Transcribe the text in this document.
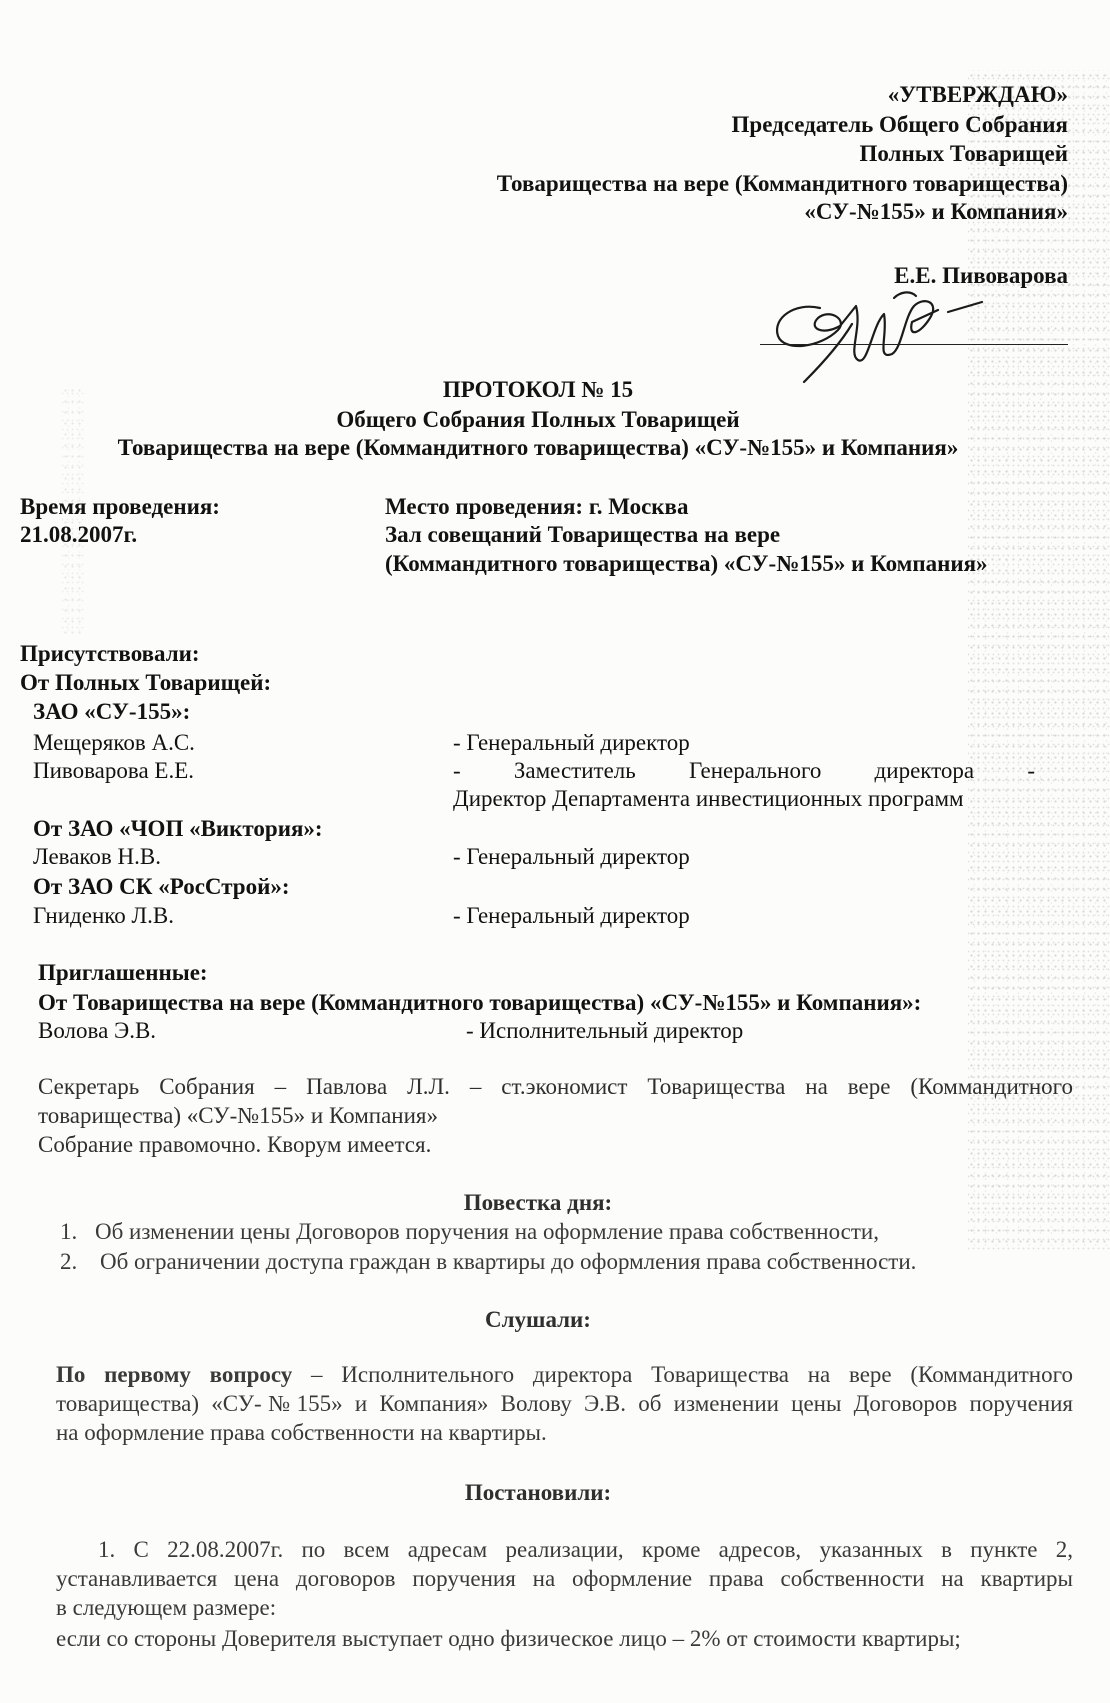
«УТВЕРЖДАЮ»
Председатель Общего Собрания
Полных Товарищей
Товарищества на вере (Коммандитного товарищества)
«СУ-№155» и Компания»
Е.Е. Пивоварова
ПРОТОКОЛ № 15
Общего Собрания Полных Товарищей
Товарищества на вере (Коммандитного товарищества) «СУ-№155» и Компания»
Время проведения:
21.08.2007г.
Место проведения: г. Москва
Зал совещаний Товарищества на вере
(Коммандитного товарищества) «СУ-№155» и Компания»
Присутствовали:
От Полных Товарищей:
ЗАО «СУ-155»:
Мещеряков А.С.	- Генеральный директор
Пивоварова Е.Е.	- Заместитель Генерального директора -
Директор Департамента инвестиционных программ
От ЗАО «ЧОП «Виктория»:
Леваков Н.В.	- Генеральный директор
От ЗАО СК «РосСтрой»:
Гниденко Л.В.	- Генеральный директор
Приглашенные:
От Товарищества на вере (Коммандитного товарищества) «СУ-№155» и Компания»:
Волова Э.В.	- Исполнительный директор
Секретарь Собрания – Павлова Л.Л. – ст.экономист Товарищества на вере (Коммандитного
товарищества) «СУ-№155» и Компания»
Собрание правомочно. Кворум имеется.
Повестка дня:
1. Об изменении цены Договоров поручения на оформление права собственности,
2. Об ограничении доступа граждан в квартиры до оформления права собственности.
Слушали:
По первому вопросу – Исполнительного директора Товарищества на вере (Коммандитного
товарищества) «СУ-№155» и Компания» Волову Э.В. об изменении цены Договоров поручения
на оформление права собственности на квартиры.
Постановили:
1. С 22.08.2007г. по всем адресам реализации, кроме адресов, указанных в пункте 2,
устанавливается цена договоров поручения на оформление права собственности на квартиры
в следующем размере:
если со стороны Доверителя выступает одно физическое лицо – 2% от стоимости квартиры;
